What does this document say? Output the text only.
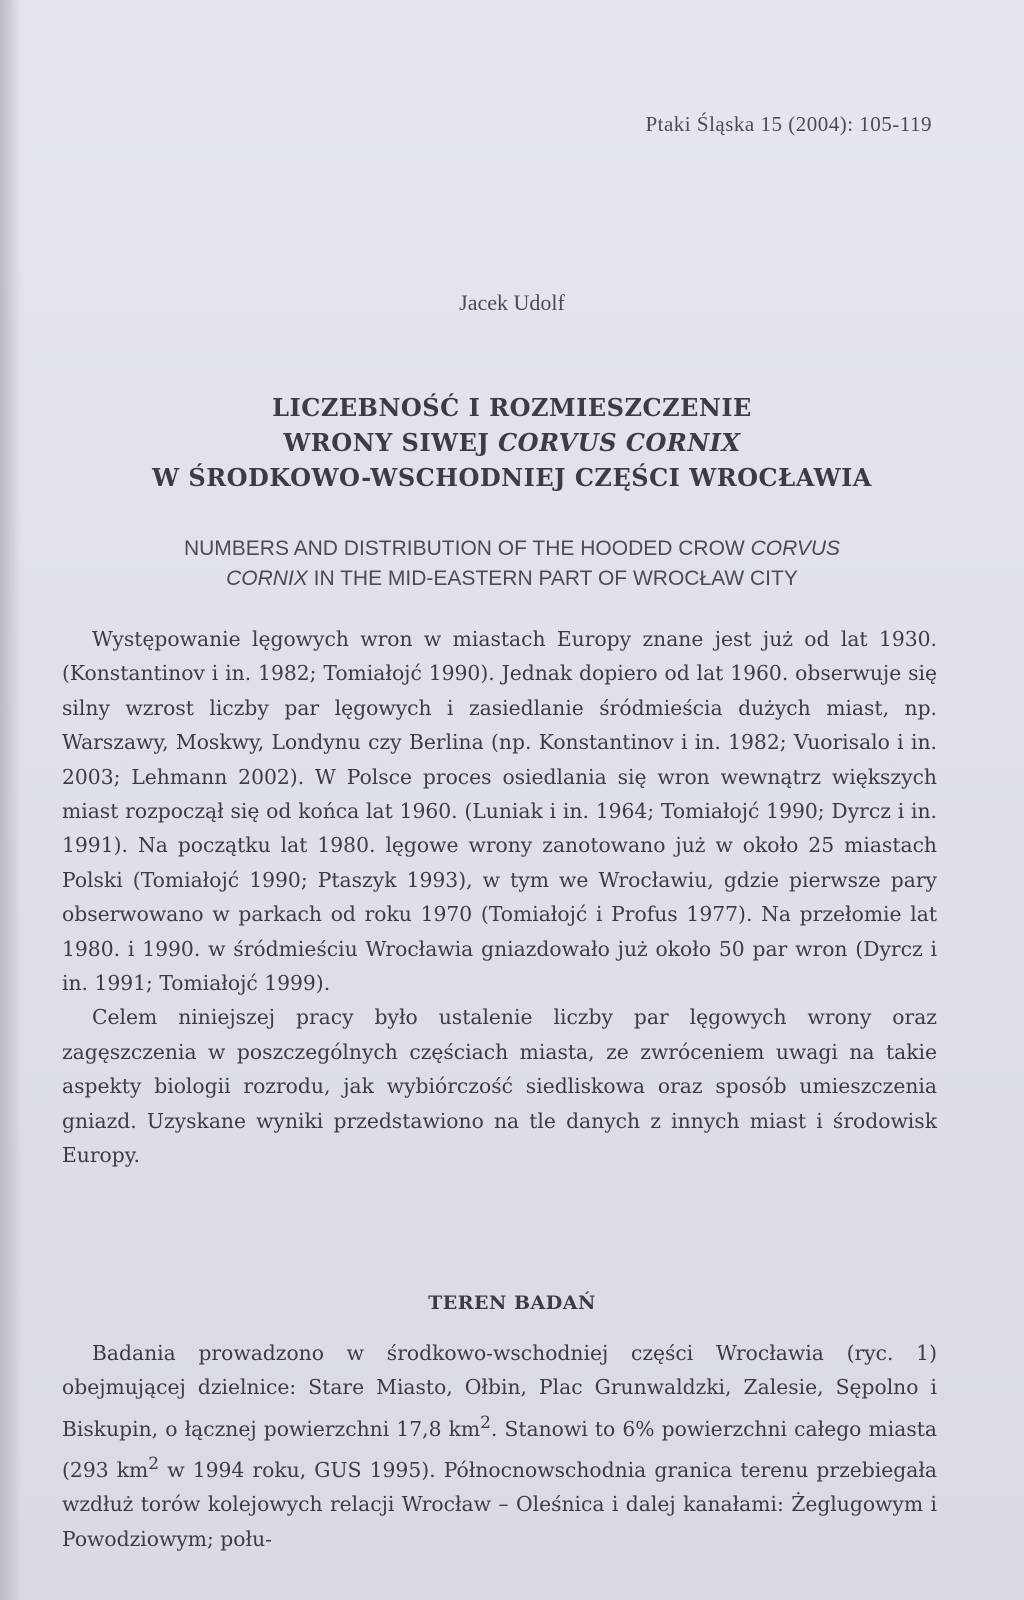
Ptaki Śląska 15 (2004): 105-119
Jacek Udolf
LICZEBNOŚĆ I ROZMIESZCZENIE
WRONY SIWEJ CORVUS CORNIX
W ŚRODKOWO-WSCHODNIEJ CZĘŚCI WROCŁAWIA
NUMBERS AND DISTRIBUTION OF THE HOODED CROW CORVUS
CORNIX IN THE MID-EASTERN PART OF WROCŁAW CITY

Występowanie lęgowych wron w miastach Europy znane jest już od lat 1930. (Konstantinov i in. 1982; Tomiałojć 1990). Jednak dopiero od lat 1960. obserwuje się silny wzrost liczby par lęgowych i zasiedlanie śródmieścia dużych miast, np. Warszawy, Moskwy, Londynu czy Berlina (np. Konstantinov i in. 1982; Vuorisalo i in. 2003; Lehmann 2002). W Polsce proces osiedlania się wron wewnątrz większych miast rozpoczął się od końca lat 1960. (Luniak i in. 1964; Tomiałojć 1990; Dyrcz i in. 1991). Na początku lat 1980. lęgowe wrony zanotowano już w około 25 miastach Polski (Tomiałojć 1990; Ptaszyk 1993), w tym we Wrocławiu, gdzie pierwsze pary obserwowano w parkach od roku 1970 (Tomiałojć i Profus 1977). Na przełomie lat 1980. i 1990. w śródmieściu Wrocławia gniazdowało już około 50 par wron (Dyrcz i in. 1991; Tomiałojć 1999).

Celem niniejszej pracy było ustalenie liczby par lęgowych wrony oraz zagęszczenia w poszczególnych częściach miasta, ze zwróceniem uwagi na takie aspekty biologii rozrodu, jak wybiórczość siedliskowa oraz sposób umieszczenia gniazd. Uzyskane wyniki przedstawiono na tle danych z innych miast i środowisk Europy.

TEREN BADAŃ

Badania prowadzono w środkowo-wschodniej części Wrocławia (ryc. 1) obejmującej dzielnice: Stare Miasto, Ołbin, Plac Grunwaldzki, Zalesie, Sępolno i Biskupin, o łącznej powierzchni 17,8 $km^2$. Stanowi to 6% powierzchni całego miasta (293 $km^2$ w 1994 roku, GUS 1995). Północnowschodnia granica terenu przebiegała wzdłuż torów kolejowych relacji Wrocław – Oleśnica i dalej kanałami: Żeglugowym i Powodziowym; połu-
